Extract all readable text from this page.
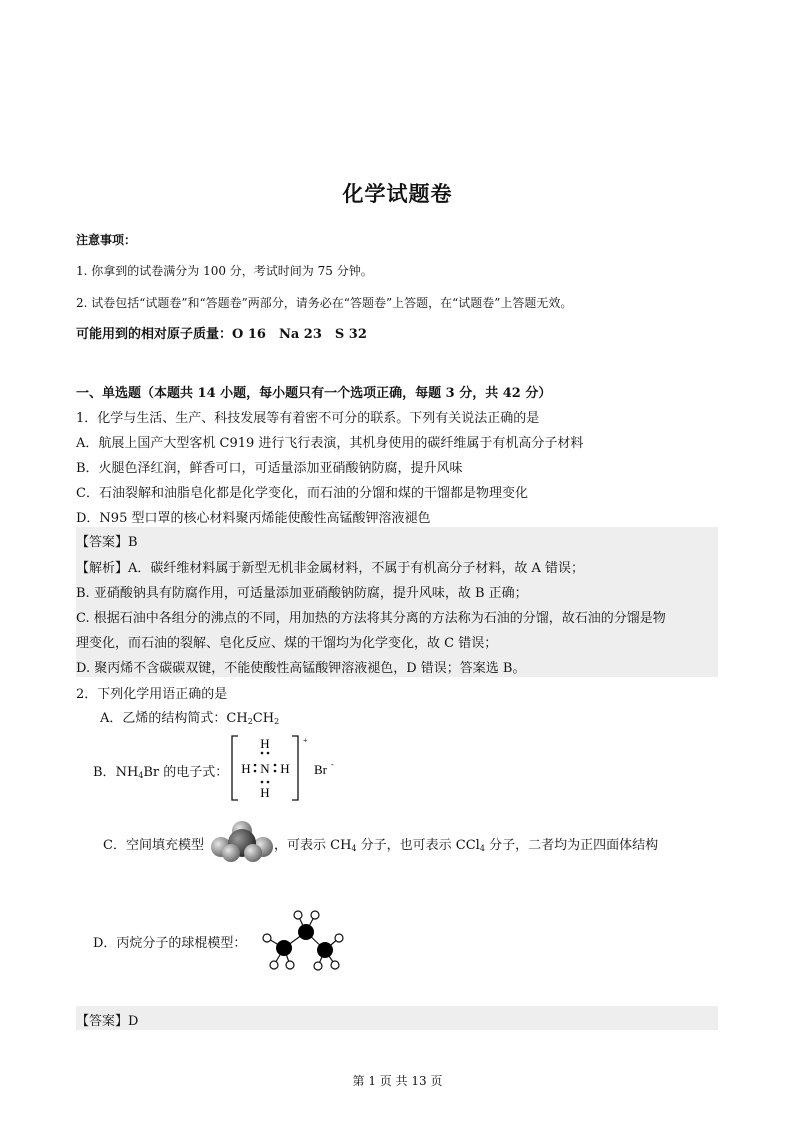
化学试题卷
注意事项：
1. 你拿到的试卷满分为 100 分，考试时间为 75 分钟。
2. 试卷包括“试题卷”和“答题卷”两部分，请务必在“答题卷”上答题，在“试题卷”上答题无效。
可能用到的相对原子质量：O 16　Na 23　S 32
一、单选题（本题共 14 小题，每小题只有一个选项正确，每题 3 分，共 42 分）
1．化学与生活、生产、科技发展等有着密不可分的联系。下列有关说法正确的是
A．航展上国产大型客机 C919 进行飞行表演，其机身使用的碳纤维属于有机高分子材料
B．火腿色泽红润，鲜香可口，可适量添加亚硝酸钠防腐，提升风味
C．石油裂解和油脂皂化都是化学变化，而石油的分馏和煤的干馏都是物理变化
D．N95 型口罩的核心材料聚丙烯能使酸性高锰酸钾溶液褪色
【答案】B
【解析】A．碳纤维材料属于新型无机非金属材料，不属于有机高分子材料，故 A 错误；
B. 亚硝酸钠具有防腐作用，可适量添加亚硝酸钠防腐，提升风味，故 B 正确；
C. 根据石油中各组分的沸点的不同，用加热的方法将其分离的方法称为石油的分馏，故石油的分馏是物
理变化，而石油的裂解、皂化反应、煤的干馏均为化学变化，故 C 错误；
D. 聚丙烯不含碳碳双键，不能使酸性高锰酸钾溶液褪色，D 错误；答案选 B。
2．下列化学用语正确的是
A．乙烯的结构简式：$CH_2CH_2$
B．$NH_4Br$ 的电子式：
H
H N H
H
+
Br -
C．空间填充模型	，可表示 $CH_4$ 分子，也可表示 CCl$_4$ 分子，二者均为正四面体结构
D．丙烷分子的球棍模型：
【答案】D
第 1 页 共 13 页
